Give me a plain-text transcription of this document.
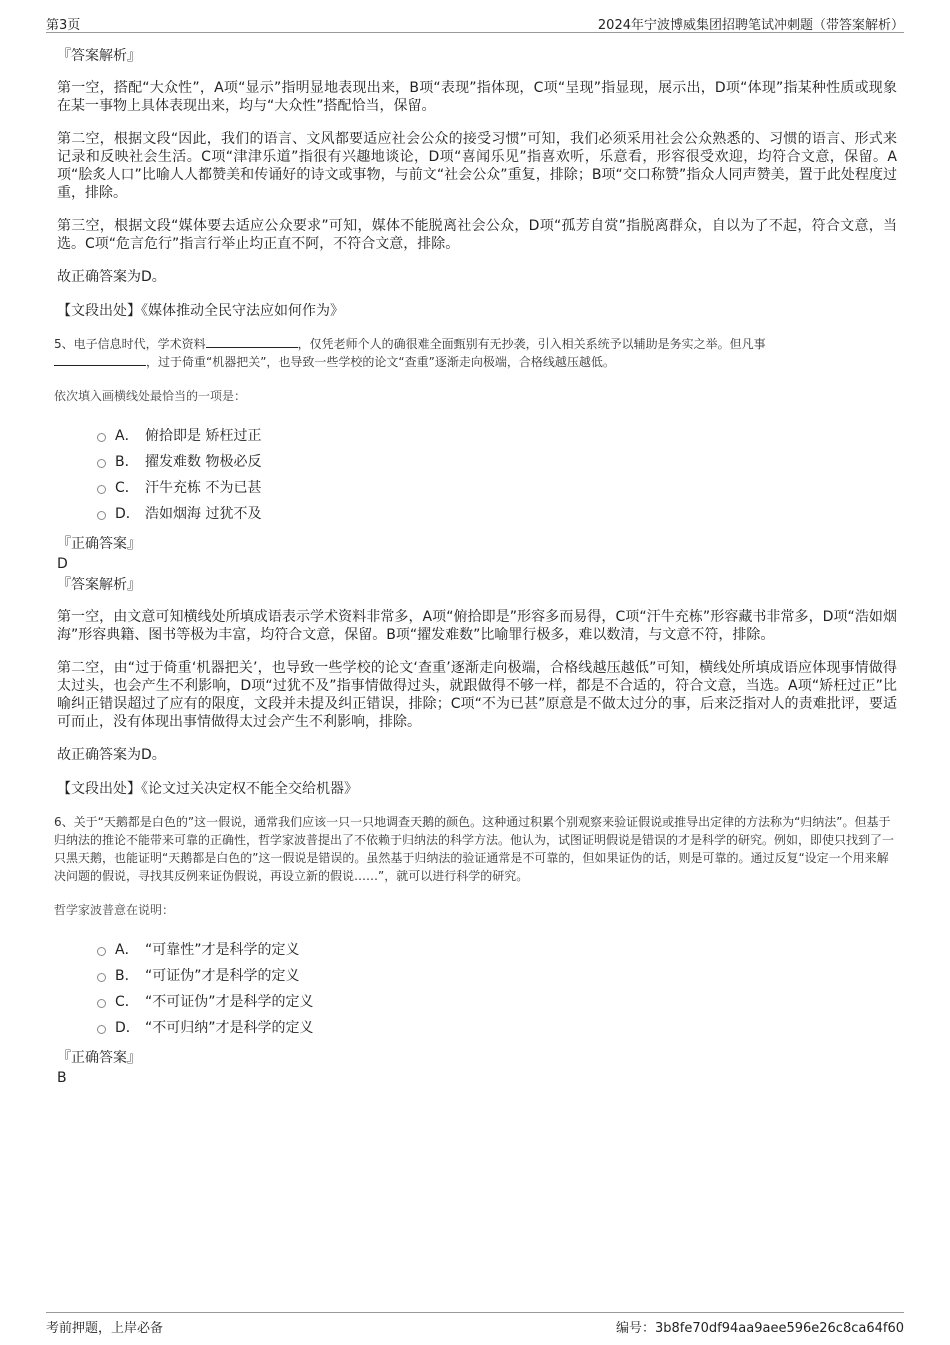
第3页	2024年宁波博威集团招聘笔试冲刺题（带答案解析）
『答案解析』
第一空，搭配“大众性”，A项“显示”指明显地表现出来，B项“表现”指体现，C项“呈现”指显现，展示出，D项“体现”指某种性质或现象在某一事物上具体表现出来，均与“大众性”搭配恰当，保留。
第二空，根据文段“因此，我们的语言、文风都要适应社会公众的接受习惯”可知，我们必须采用社会公众熟悉的、习惯的语言、形式来记录和反映社会生活。C项“津津乐道”指很有兴趣地谈论，D项“喜闻乐见”指喜欢听，乐意看，形容很受欢迎，均符合文意，保留。A项“脍炙人口”比喻人人都赞美和传诵好的诗文或事物，与前文“社会公众”重复，排除；B项“交口称赞”指众人同声赞美，置于此处程度过重，排除。
第三空，根据文段“媒体要去适应公众要求”可知，媒体不能脱离社会公众，D项“孤芳自赏”指脱离群众，自以为了不起，符合文意，当选。C项“危言危行”指言行举止均正直不阿，不符合文意，排除。
故正确答案为D。
【文段出处】《媒体推动全民守法应如何作为》
5、电子信息时代，学术资料	，仅凭老师个人的确很难全面甄别有无抄袭，引入相关系统予以辅助是务实之举。但凡事
，过于倚重“机器把关”，也导致一些学校的论文“查重”逐渐走向极端，合格线越压越低。
依次填入画横线处最恰当的一项是：
A． 俯拾即是 矫枉过正
B． 擢发难数 物极必反
C． 汗牛充栋 不为已甚
D． 浩如烟海 过犹不及
『正确答案』
D
『答案解析』
第一空，由文意可知横线处所填成语表示学术资料非常多，A项“俯拾即是”形容多而易得，C项“汗牛充栋”形容藏书非常多，D项“浩如烟海”形容典籍、图书等极为丰富，均符合文意，保留。B项“擢发难数”比喻罪行极多，难以数清，与文意不符，排除。
第二空，由“过于倚重‘机器把关’，也导致一些学校的论文‘查重’逐渐走向极端，合格线越压越低”可知，横线处所填成语应体现事情做得太过头，也会产生不利影响，D项“过犹不及”指事情做得过头，就跟做得不够一样，都是不合适的，符合文意，当选。A项“矫枉过正”比喻纠正错误超过了应有的限度，文段并未提及纠正错误，排除；C项“不为已甚”原意是不做太过分的事，后来泛指对人的责难批评，要适可而止，没有体现出事情做得太过会产生不利影响，排除。
故正确答案为D。
【文段出处】《论文过关决定权不能全交给机器》
6、关于“天鹅都是白色的”这一假说，通常我们应该一只一只地调查天鹅的颜色。这种通过积累个别观察来验证假说或推导出定律的方法称为“归纳法”。但基于归纳法的推论不能带来可靠的正确性，哲学家波普提出了不依赖于归纳法的科学方法。他认为，试图证明假说是错误的才是科学的研究。例如，即使只找到了一只黑天鹅，也能证明“天鹅都是白色的”这一假说是错误的。虽然基于归纳法的验证通常是不可靠的，但如果证伪的话，则是可靠的。通过反复“设定一个用来解决问题的假说，寻找其反例来证伪假说，再设立新的假说……”，就可以进行科学的研究。
哲学家波普意在说明：
A． “可靠性”才是科学的定义
B． “可证伪”才是科学的定义
C． “不可证伪”才是科学的定义
D． “不可归纳”才是科学的定义
『正确答案』
B
考前押题，上岸必备	编号：3b8fe70df94aa9aee596e26c8ca64f60
